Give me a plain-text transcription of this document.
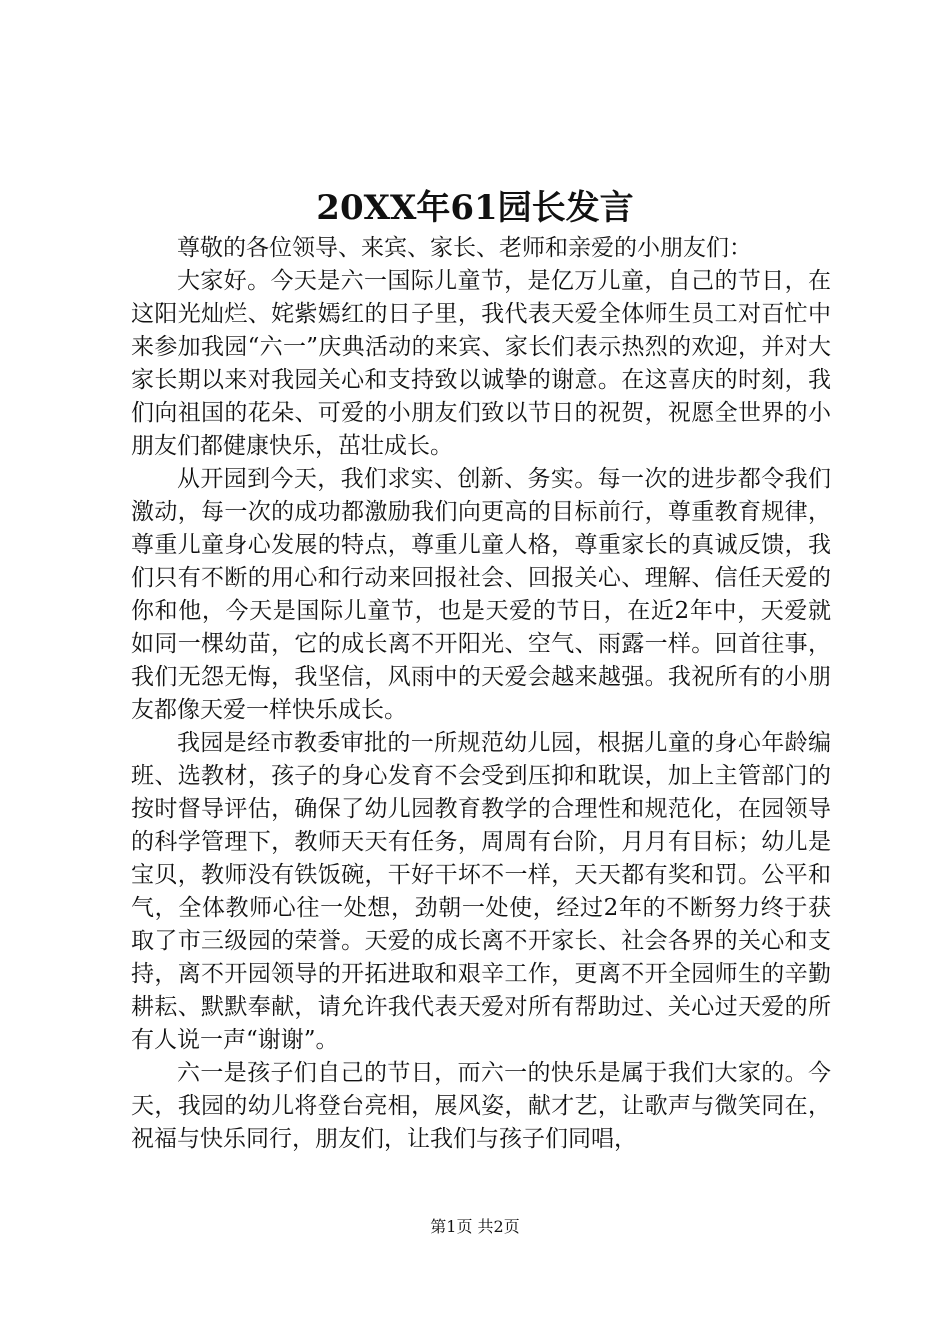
20XX年61园长发言

尊敬的各位领导、来宾、家长、老师和亲爱的小朋友们：

大家好。今天是六一国际儿童节，是亿万儿童，自己的节日，在这阳光灿烂、姹紫嫣红的日子里，我代表天爱全体师生员工对百忙中来参加我园“六一”庆典活动的来宾、家长们表示热烈的欢迎，并对大家长期以来对我园关心和支持致以诚挚的谢意。在这喜庆的时刻，我们向祖国的花朵、可爱的小朋友们致以节日的祝贺，祝愿全世界的小朋友们都健康快乐，茁壮成长。

从开园到今天，我们求实、创新、务实。每一次的进步都令我们激动，每一次的成功都激励我们向更高的目标前行，尊重教育规律，尊重儿童身心发展的特点，尊重儿童人格，尊重家长的真诚反馈，我们只有不断的用心和行动来回报社会、回报关心、理解、信任天爱的你和他，今天是国际儿童节，也是天爱的节日，在近2年中，天爱就如同一棵幼苗，它的成长离不开阳光、空气、雨露一样。回首往事，我们无怨无悔，我坚信，风雨中的天爱会越来越强。我祝所有的小朋友都像天爱一样快乐成长。

我园是经市教委审批的一所规范幼儿园，根据儿童的身心年龄编班、选教材，孩子的身心发育不会受到压抑和耽误，加上主管部门的按时督导评估，确保了幼儿园教育教学的合理性和规范化，在园领导的科学管理下，教师天天有任务，周周有台阶，月月有目标；幼儿是宝贝，教师没有铁饭碗，干好干坏不一样，天天都有奖和罚。公平和气，全体教师心往一处想，劲朝一处使，经过2年的不断努力终于获取了市三级园的荣誉。天爱的成长离不开家长、社会各界的关心和支持，离不开园领导的开拓进取和艰辛工作，更离不开全园师生的辛勤耕耘、默默奉献，请允许我代表天爱对所有帮助过、关心过天爱的所有人说一声“谢谢”。

六一是孩子们自己的节日，而六一的快乐是属于我们大家的。今天，我园的幼儿将登台亮相，展风姿，献才艺，让歌声与微笑同在，祝福与快乐同行，朋友们，让我们与孩子们同唱，

第1页 共2页
